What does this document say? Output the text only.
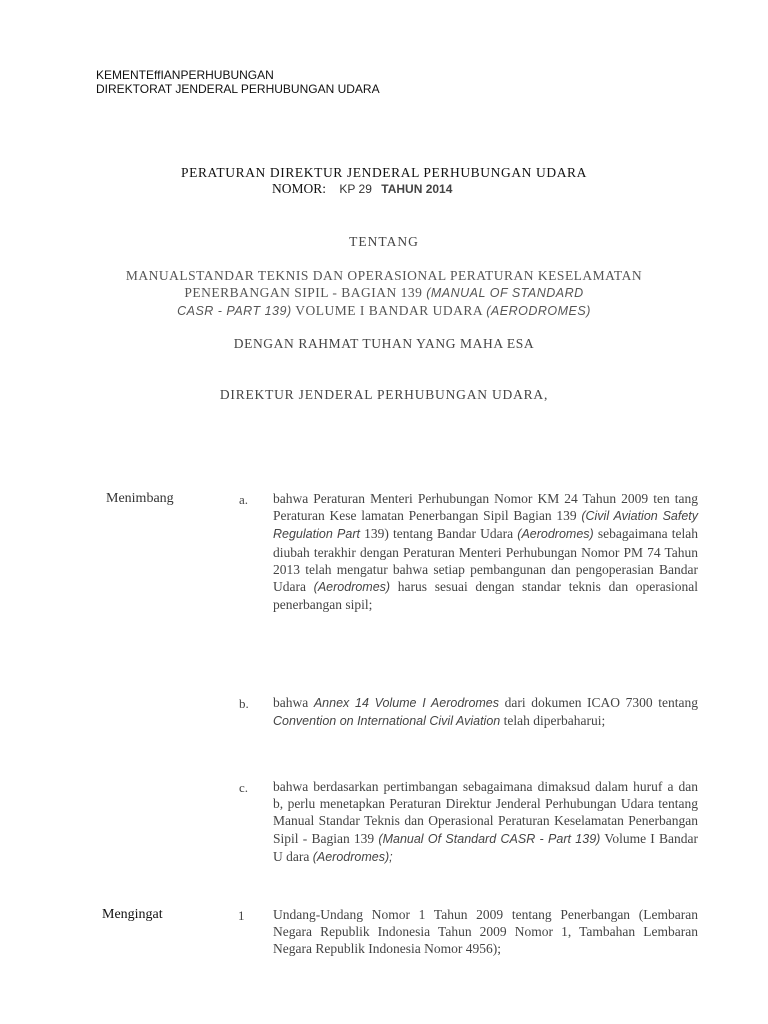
KEMENTEffIANPERHUBUNGAN
DIREKTORAT JENDERAL PERHUBUNGAN UDARA
PERATURAN DIREKTUR JENDERAL PERHUBUNGAN UDARA
NOMOR: KP 29 TAHUN 2014
TENTANG
MANUALSTANDAR TEKNIS DAN OPERASIONAL PERATURAN KESELAMATAN
PENERBANGAN SIPIL - BAGIAN 139 (MANUAL OF STANDARD
CASR - PART 139) VOLUME I BANDAR UDARA (AERODROMES)
DENGAN RAHMAT TUHAN YANG MAHA ESA
DIREKTUR JENDERAL PERHUBUNGAN UDARA,
Menimbang	a. bahwa Peraturan Menteri Perhubungan Nomor KM 24 Tahun 2009 ten tang Peraturan Kese lamatan Penerbangan Sipil Bagian 139 (Civil Aviation Safety Regulation Part 139) tentang Bandar Udara (Aerodromes) sebagaimana telah diubah terakhir dengan Peraturan Menteri Perhubungan Nomor PM 74 Tahun 2013 telah mengatur bahwa setiap pembangunan dan pengoperasian Bandar Udara (Aerodromes) harus sesuai dengan standar teknis dan operasional penerbangan sipil;
b. bahwa Annex 14 Volume I Aerodromes dari dokumen ICAO 7300 tentang Convention on International Civil Aviation telah diperbaharui;
c. bahwa berdasarkan pertimbangan sebagaimana dimaksud dalam huruf a dan b, perlu menetapkan Peraturan Direktur Jenderal Perhubungan Udara tentang Manual Standar Teknis dan Operasional Peraturan Keselamatan Penerbangan Sipil - Bagian 139 (Manual Of Standard CASR - Part 139) Volume I Bandar U dara (Aerodromes);
Mengingat	1 Undang-Undang Nomor 1 Tahun 2009 tentang Penerbangan (Lembaran Negara Republik Indonesia Tahun 2009 Nomor 1, Tambahan Lembaran Negara Republik Indonesia Nomor 4956);
